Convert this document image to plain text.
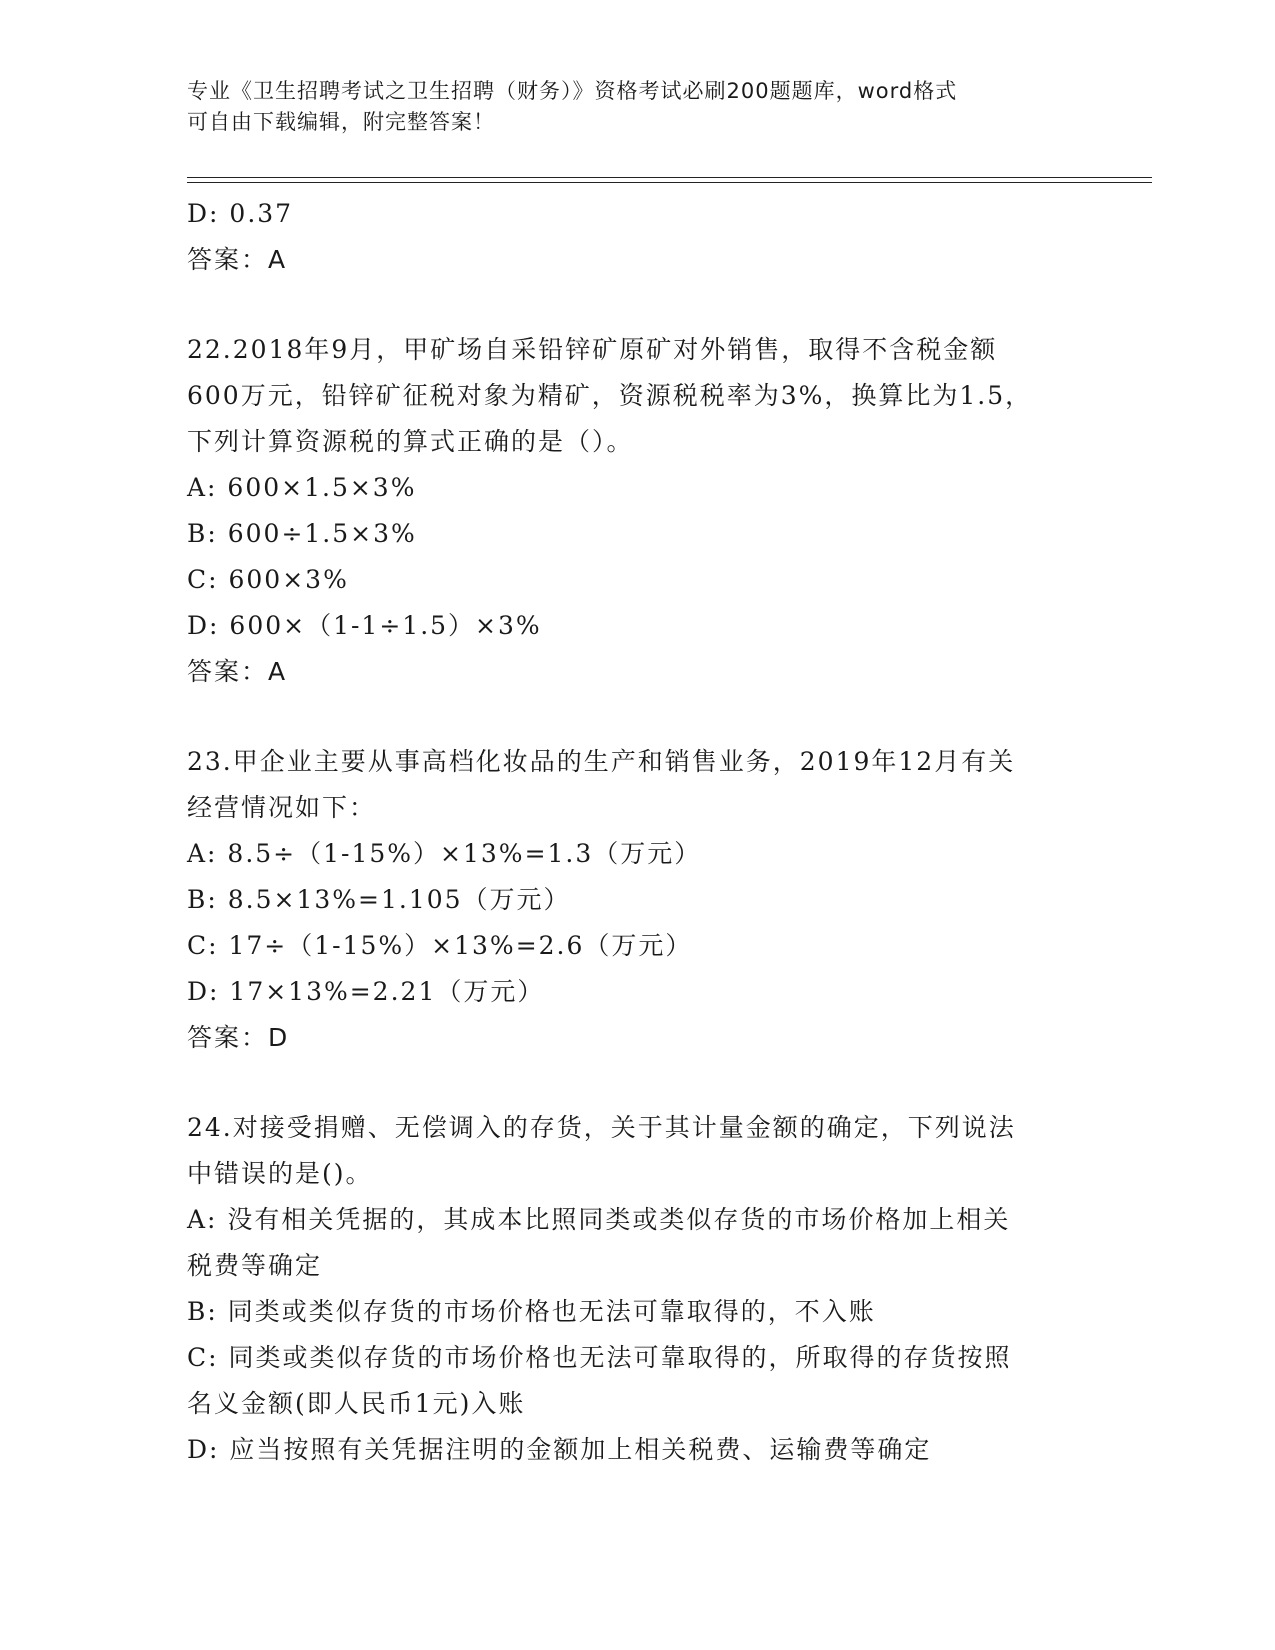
专业《卫生招聘考试之卫生招聘（财务）》资格考试必刷200题题库，word格式
可自由下载编辑，附完整答案！
D: 0.37
答案：A
22.2018年9月，甲矿场自采铅锌矿原矿对外销售，取得不含税金额
600万元，铅锌矿征税对象为精矿，资源税税率为3%，换算比为1.5，
下列计算资源税的算式正确的是（）。
A: 600×1.5×3%
B: 600÷1.5×3%
C: 600×3%
D: 600×（1-1÷1.5）×3%
答案：A
23.甲企业主要从事高档化妆品的生产和销售业务，2019年12月有关
经营情况如下：
A: 8.5÷（1-15%）×13%=1.3（万元）
B: 8.5×13%=1.105（万元）
C: 17÷（1-15%）×13%=2.6（万元）
D: 17×13%=2.21（万元）
答案：D
24.对接受捐赠、无偿调入的存货，关于其计量金额的确定，下列说法
中错误的是()。
A: 没有相关凭据的，其成本比照同类或类似存货的市场价格加上相关
税费等确定
B: 同类或类似存货的市场价格也无法可靠取得的，不入账
C: 同类或类似存货的市场价格也无法可靠取得的，所取得的存货按照
名义金额(即人民币1元)入账
D: 应当按照有关凭据注明的金额加上相关税费、运输费等确定
